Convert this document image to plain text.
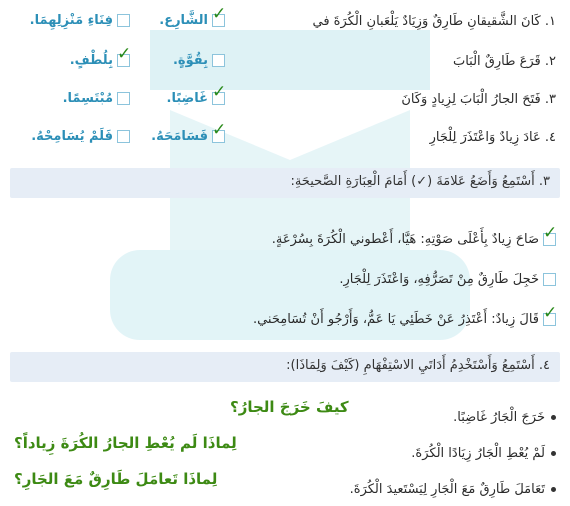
١. كَانَ الشَّقيقانِ طَارِقٌ وَزِيَادٌ يَلْعَبانِ الْكُرَةَ في
✓
الشَّارِع.
فِنَاءِ مَنْزِلِهِمَا.
٢. قَرَعَ طَارِقٌ الْبَابَ
بِقُوَّةٍ.
✓
بِلُطْفٍ.
٣. فَتَحَ الجارُ الْبَابَ لِزِيادٍ وَكَانَ
✓
غَاضِبًا.
مُبْتَسِمًا.
٤. عَادَ زِيادٌ وَاعْتَذَرَ لِلْجَارِ
✓
فَسَامَحَهُ.
فَلَمْ يُسَامِحْهُ.
٣. أَسْتَمِعُ وَأَضَعُ عَلامَةَ (✓) أَمَامَ الْعِبَارَةِ الصَّحيحَةِ:
✓
صَاحَ زِيادٌ بِأَعْلَى صَوْتِهِ: هَيَّا، أَعْطوني الْكُرَةَ بِسُرْعَةٍ.
خَجِلَ طَارِقٌ مِنْ تَصَرُّفِهِ، وَاعْتَذَرَ لِلْجَارِ.
✓
قَالَ زِيادٌ: أَعْتَذِرُ عَنْ خَطَئِي يَا عَمُّ، وَأَرْجُو أَنْ تُسَامِحَني.
٤. أَسْتَمِعُ وَأَسْتَخْدِمُ أَدَاتَيِ الاسْتِفْهَامِ (كَيْفَ وَلِمَاذَا):
خَرَجَ الْجَارُ غَاضِبًا.
كيفَ خَرَجَ الجارُ؟
لَمْ يُعْطِ الْجَارُ زِيَادًا الْكُرَةَ.
لِماذَا لَم يُعْطِ الجارُ الكُرَةَ زِياداً؟
تَعَامَلَ طَارِقٌ مَعَ الْجَارِ لِيَسْتَعيدَ الْكُرَةَ.
لِماذَا تَعامَلَ طَارِقٌ مَعَ الجَارِ؟
